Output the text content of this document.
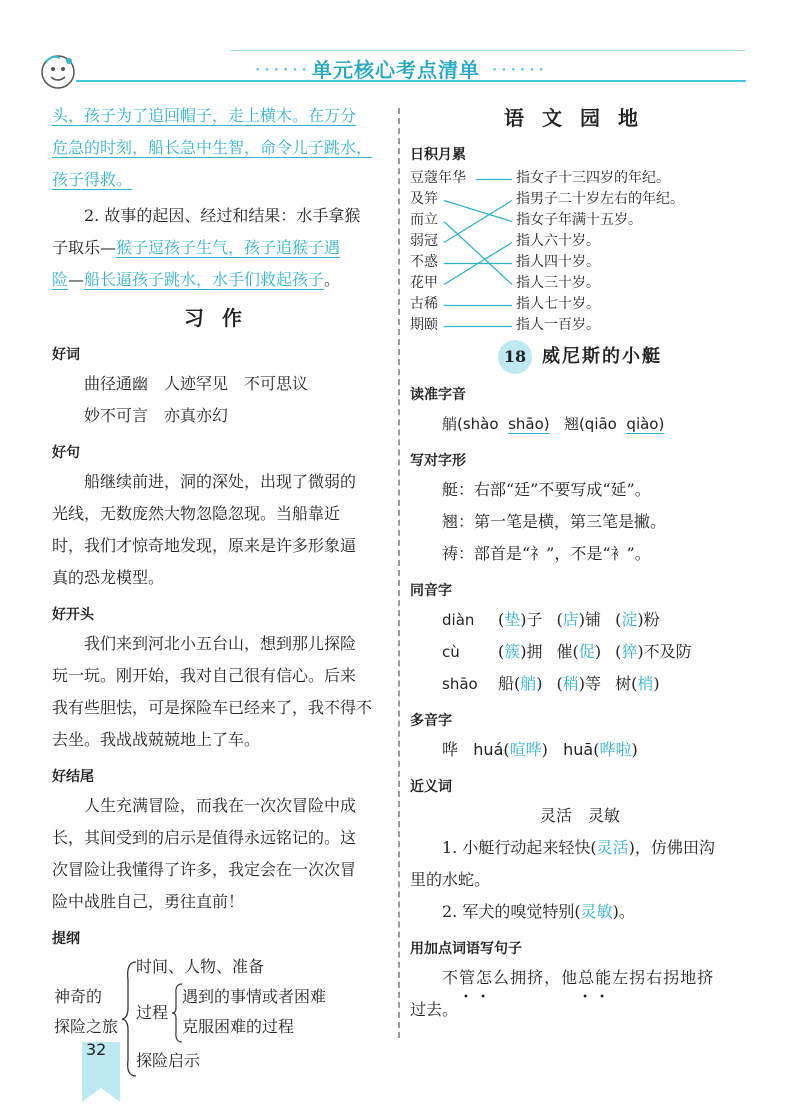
••••••	••••••
单元核心考点清单

头，孩子为了追回帽子，走上横木。在万分

危急的时刻，船长急中生智，命令儿子跳水，

孩子得救。

2. 故事的起因、经过和结果：水手拿猴

子取乐—猴子逗孩子生气，孩子追猴子遇

险—船长逼孩子跳水，水手们救起孩子。

习作
好词

曲径通幽　人迹罕见　不可思议

妙不可言　亦真亦幻

好句

船继续前进，洞的深处，出现了微弱的

光线，无数庞然大物忽隐忽现。当船靠近

时，我们才惊奇地发现，原来是许多形象逼

真的恐龙模型。

好开头

我们来到河北小五台山，想到那儿探险

玩一玩。刚开始，我对自己很有信心。后来

我有些胆怯，可是探险车已经来了，我不得不

去坐。我战战兢兢地上了车。

好结尾

人生充满冒险，而我在一次次冒险中成

长，其间受到的启示是值得永远铭记的。这

次冒险让我懂得了许多，我定会在一次次冒

险中战胜自己，勇往直前！

提纲
神奇的
探险之旅
时间、人物、准备
过程
遇到的事情或者困难
克服困难的过程
探险启示
32
语文园地
日积月累
豆蔻年华
及笄
而立
弱冠
不惑
花甲
古稀
期颐
指女子十三四岁的年纪。
指男子二十岁左右的年纪。
指女子年满十五岁。
指人六十岁。
指人四十岁。
指人三十岁。
指人七十岁。
指人一百岁。
18 威尼斯的小艇
读准字音

艄(shào shāo) 翘(qiāo qiào)

写对字形

艇：右部“廷”不要写成“延”。

翘：第一笔是横，第三笔是撇。

祷：部首是“礻”，不是“衤”。

同音字

diàn (垫)子 (店)铺 (淀)粉

cù (簇)拥 催(促) (猝)不及防

shāo 船(艄) (稍)等 树(梢)

多音字

哗 huá(喧哗)   huā(哗啦)

近义词

灵活　灵敏

1. 小艇行动起来轻快(灵活)，仿佛田沟

里的水蛇。

2. 军犬的嗅觉特别(灵敏)。

用加点词语写句子

不管怎么拥挤，他总能左拐右拐地挤

过去。
